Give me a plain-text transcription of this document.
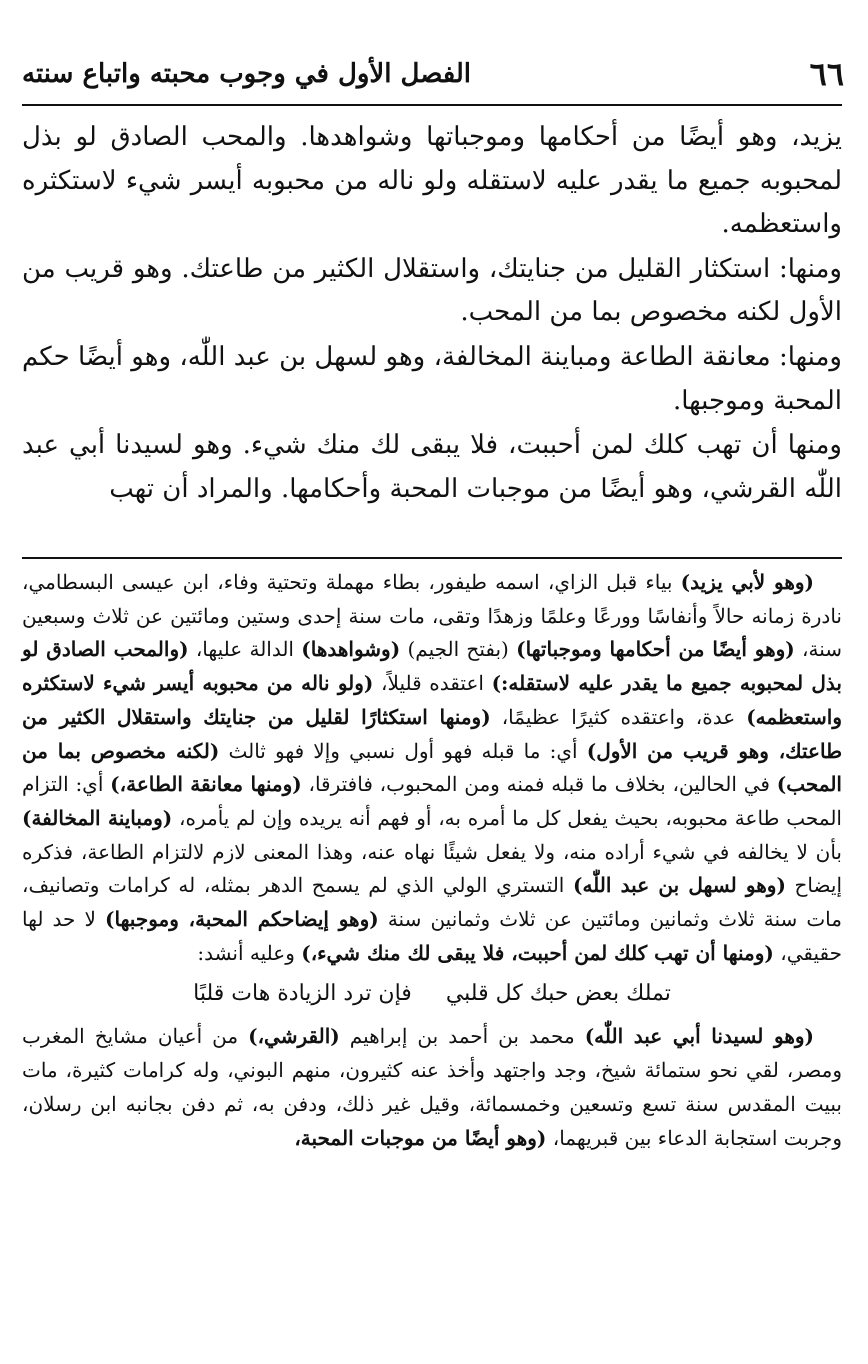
٦٦
الفصل الأول في وجوب محبته واتباع سنته

يزيد، وهو أيضًا من أحكامها وموجباتها وشواهدها. والمحب الصادق لو بذل لمحبوبه جميع ما يقدر عليه لاستقله ولو ناله من محبوبه أيسر شيء لاستكثره واستعظمه.

ومنها: استكثار القليل من جنايتك، واستقلال الكثير من طاعتك. وهو قريب من الأول لكنه مخصوص بما من المحب.

ومنها: معانقة الطاعة ومباينة المخالفة، وهو لسهل بن عبد اللّٰه، وهو أيضًا حكم المحبة وموجبها.

ومنها أن تهب كلك لمن أحببت، فلا يبقى لك منك شيء. وهو لسيدنا أبي عبد اللّٰه القرشي، وهو أيضًا من موجبات المحبة وأحكامها. والمراد أن تهب

(وهو لأبي يزيد) بياء قبل الزاي، اسمه طيفور، بطاء مهملة وتحتية وفاء، ابن عيسى البسطامي، نادرة زمانه حالاً وأنفاسًا وورعًا وعلمًا وزهدًا وتقى، مات سنة إحدى وستين ومائتين عن ثلاث وسبعين سنة، (وهو أيضًا من أحكامها وموجباتها) (بفتح الجيم) (وشواهدها) الدالة عليها، (والمحب الصادق لو بذل لمحبوبه جميع ما يقدر عليه لاستقله:) اعتقده قليلاً، (ولو ناله من محبوبه أيسر شيء لاستكثره واستعظمه) عدة، واعتقده كثيرًا عظيمًا، (ومنها استكثارًا لقليل من جنايتك واستقلال الكثير من طاعتك، وهو قريب من الأول) أي: ما قبله فهو أول نسبي وإلا فهو ثالث (لكنه مخصوص بما من المحب) في الحالين، بخلاف ما قبله فمنه ومن المحبوب، فافترقا، (ومنها معانقة الطاعة،) أي: التزام المحب طاعة محبوبه، بحيث يفعل كل ما أمره به، أو فهم أنه يريده وإن لم يأمره، (ومباينة المخالفة) بأن لا يخالفه في شيء أراده منه، ولا يفعل شيئًا نهاه عنه، وهذا المعنى لازم لالتزام الطاعة، فذكره إيضاح (وهو لسهل بن عبد اللّٰه) التستري الولي الذي لم يسمح الدهر بمثله، له كرامات وتصانيف، مات سنة ثلاث وثمانين ومائتين عن ثلاث وثمانين سنة (وهو إيضاحكم المحبة، وموجبها) لا حد لها حقيقي، (ومنها أن تهب كلك لمن أحببت، فلا يبقى لك منك شيء،) وعليه أنشد:

تملك بعض حبك كل قلبيفإن ترد الزيادة هات قلبًا

(وهو لسيدنا أبي عبد اللّٰه) محمد بن أحمد بن إبراهيم (القرشي،) من أعيان مشايخ المغرب ومصر، لقي نحو ستمائة شيخ، وجد واجتهد وأخذ عنه كثيرون، منهم البوني، وله كرامات كثيرة، مات ببيت المقدس سنة تسع وتسعين وخمسمائة، وقيل غير ذلك، ودفن به، ثم دفن بجانبه ابن رسلان، وجربت استجابة الدعاء بين قبريهما، (وهو أيضًا من موجبات المحبة،
